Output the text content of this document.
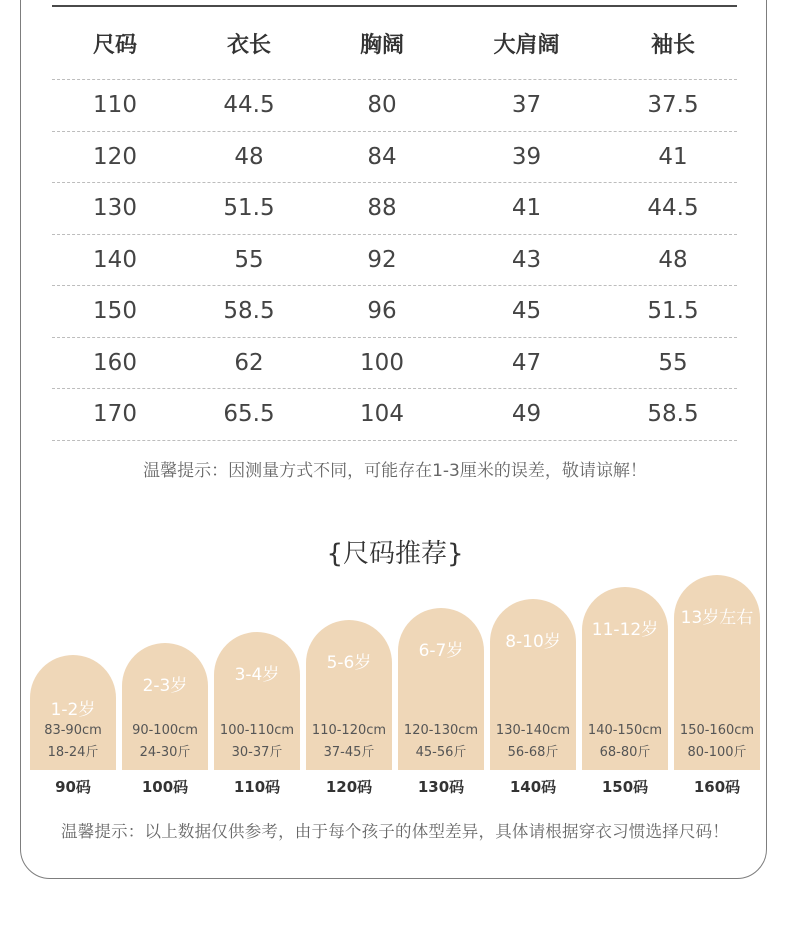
尺码	衣长	胸阔	大肩阔	袖长
110	44.5	80	37	37.5
120	48	84	39	41
130	51.5	88	41	44.5
140	55	92	43	48
150	58.5	96	45	51.5
160	62	100	47	55
170	65.5	104	49	58.5
温馨提示：因测量方式不同，可能存在1-3厘米的误差，敬请谅解！
{尺码推荐}
1-2岁
83-90cm
18-24斤
90码
2-3岁
90-100cm
24-30斤
100码
3-4岁
100-110cm
30-37斤
110码
5-6岁
110-120cm
37-45斤
120码
6-7岁
120-130cm
45-56斤
130码
8-10岁
130-140cm
56-68斤
140码
11-12岁
140-150cm
68-80斤
150码
13岁左右
150-160cm
80-100斤
160码
温馨提示：以上数据仅供参考，由于每个孩子的体型差异，具体请根据穿衣习惯选择尺码！
